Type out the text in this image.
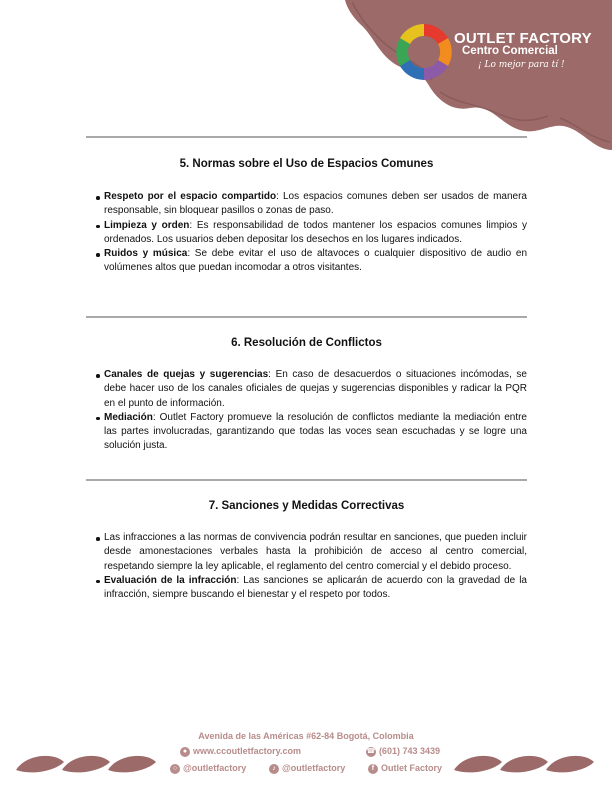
OUTLET FACTORY
Centro Comercial
¡ Lo mejor para tí !
5. Normas sobre el Uso de Espacios Comunes
Respeto por el espacio compartido: Los espacios comunes deben ser usados de manera responsable, sin bloquear pasillos o zonas de paso.
Limpieza y orden: Es responsabilidad de todos mantener los espacios comunes limpios y ordenados. Los usuarios deben depositar los desechos en los lugares indicados.
Ruidos y música: Se debe evitar el uso de altavoces o cualquier dispositivo de audio en volúmenes altos que puedan incomodar a otros visitantes.
6. Resolución de Conflictos
Canales de quejas y sugerencias: En caso de desacuerdos o situaciones incómodas, se debe hacer uso de los canales oficiales de quejas y sugerencias disponibles y radicar la PQR en el punto de información.
Mediación: Outlet Factory promueve la resolución de conflictos mediante la mediación entre las partes involucradas, garantizando que todas las voces sean escuchadas y se logre una solución justa.
7. Sanciones y Medidas Correctivas
Las infracciones a las normas de convivencia podrán resultar en sanciones, que pueden incluir desde amonestaciones verbales hasta la prohibición de acceso al centro comercial, respetando siempre la ley aplicable, el reglamento del centro comercial y el debido proceso.
Evaluación de la infracción: Las sanciones se aplicarán de acuerdo con la gravedad de la infracción, siempre buscando el bienestar y el respeto por todos.
Avenida de las Américas #62-84 Bogotá, Colombia
● www.ccoutletfactory.com	☎ (601) 743 3439
○ @outletfactory	♪ @outletfactory	f Outlet Factory
